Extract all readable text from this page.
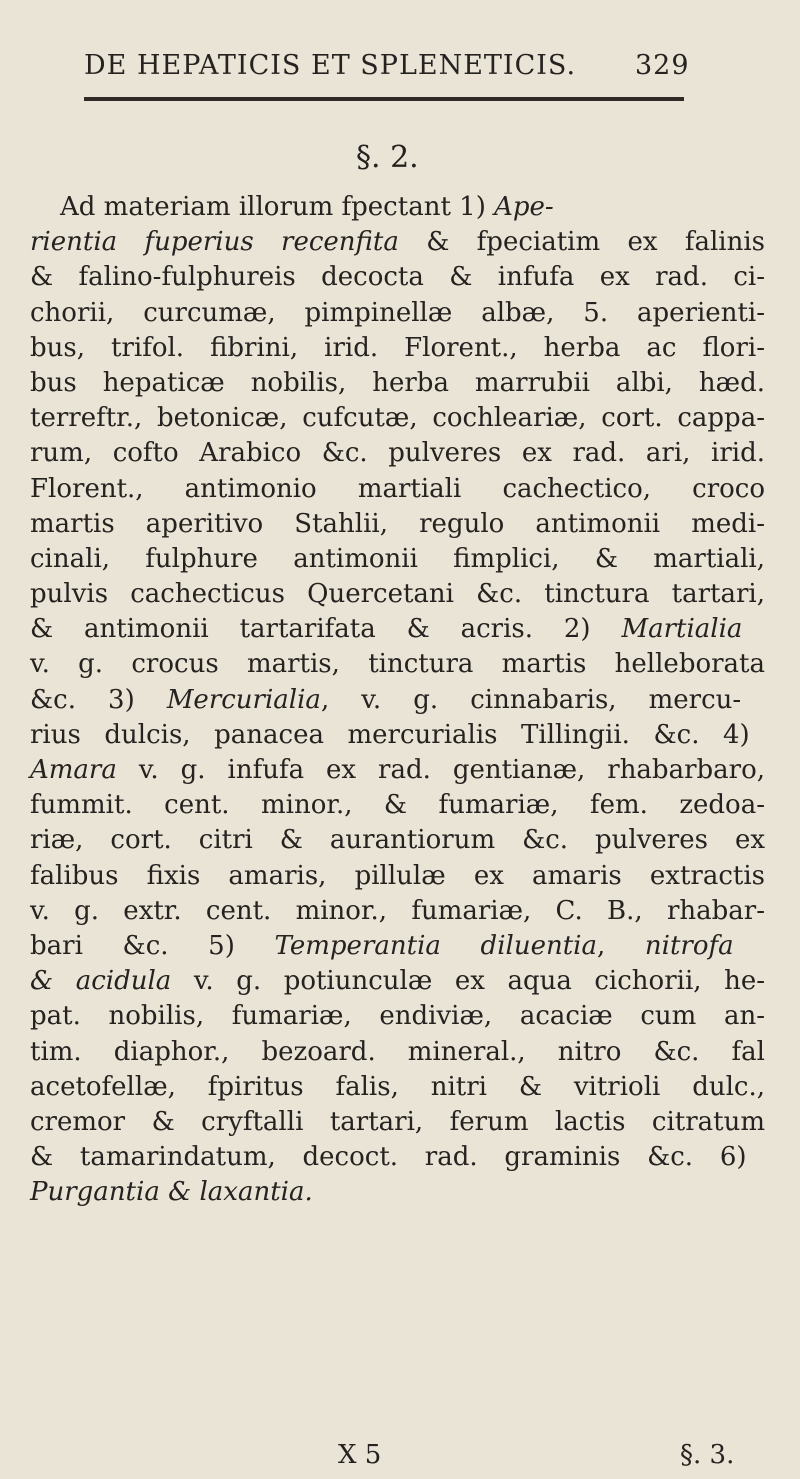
DE HEPATICIS ET SPLENETICIS. 329
§. 2.
Ad materiam illorum fpectant 1) Ape-
rientia fuperius recenfita & fpeciatim ex falinis
& falino-fulphureis decocta & infufa ex rad. ci-
chorii, curcumæ, pimpinellæ albæ, 5. aperienti-
bus, trifol. fibrini, irid. Florent., herba ac flori-
bus hepaticæ nobilis, herba marrubii albi, hæd.
terreftr., betonicæ, cufcutæ, cochleariæ, cort. cappa-
rum, cofto Arabico &c. pulveres ex rad. ari, irid.
Florent., antimonio martiali cachectico, croco
martis aperitivo Stahlii, regulo antimonii medi-
cinali, fulphure antimonii fimplici, & martiali,
pulvis cachecticus Quercetani &c. tinctura tartari,
& antimonii tartarifata & acris. 2) Martialia
v. g. crocus martis, tinctura martis helleborata
&c. 3) Mercurialia, v. g. cinnabaris, mercu-
rius dulcis, panacea mercurialis Tillingii. &c. 4)
Amara v. g. infufa ex rad. gentianæ, rhabarbaro,
fummit. cent. minor., & fumariæ, fem. zedoa-
riæ, cort. citri & aurantiorum &c. pulveres ex
falibus fixis amaris, pillulæ ex amaris extractis
v. g. extr. cent. minor., fumariæ, C. B., rhabar-
bari &c. 5) Temperantia diluentia, nitrofa
& acidula v. g. potiunculæ ex aqua cichorii, he-
pat. nobilis, fumariæ, endiviæ, acaciæ cum an-
tim. diaphor., bezoard. mineral., nitro &c. fal
acetofellæ, fpiritus falis, nitri & vitrioli dulc.,
cremor & cryftalli tartari, ferum lactis citratum
& tamarindatum, decoct. rad. graminis &c. 6)
Purgantia & laxantia.
X 5	§. 3.
